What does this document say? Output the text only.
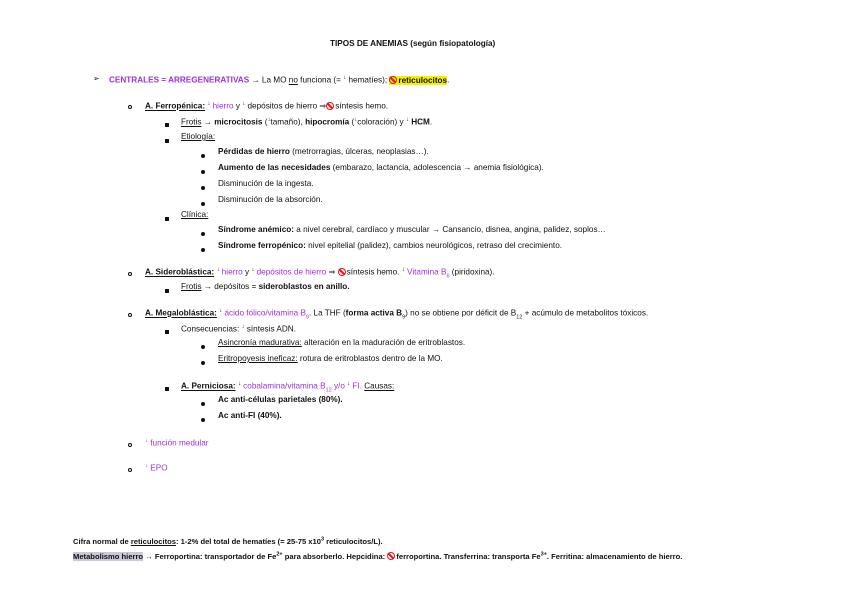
TIPOS DE ANEMIAS (según fisiopatología)
➢ CENTRALES = ARREGENERATIVAS → La MO no funciona (= ↓ hematíes); reticulocitos.
A. Ferropénica: ↓ hierro y ↓ depósitos de hierro ⇒ síntesis hemo.
Frotis → microcitosis (↓tamaño), hipocromía (↓coloración) y ↓ HCM.
Etiología:
Pérdidas de hierro (metrorragias, úlceras, neoplasias…).
Aumento de las necesidades (embarazo, lactancia, adolescencia → anemia fisiológica).
Disminución de la ingesta.
Disminución de la absorción.
Clínica:
Síndrome anémico: a nivel cerebral, cardíaco y muscular → Cansancio, disnea, angina, palidez, soplos…
Síndrome ferropénico: nivel epitelial (palidez), cambios neurológicos, retraso del crecimiento.
A. Sideroblástica: ↓ hierro y ↓ depósitos de hierro ⇒ síntesis hemo. ↓ Vitamina $B_6$ (piridoxina).
Frotis → depósitos = sideroblastos en anillo.
A. Megaloblástica: ↓ ácido fólico/vitamina $B_9$. La THF (forma activa $B_9$) no se obtiene por déficit de $B_{12}$ + acúmulo de metabolitos tóxicos.
Consecuencias: ↓ síntesis ADN.
Asincronía madurativa: alteración en la maduración de eritroblastos.
Eritropoyesis ineficaz: rotura de eritroblastos dentro de la MO.
A. Perniciosa: ↓ cobalamina/vitamina $B_{12}$ y/o ↓ FI. Causas:
Ac anti-células parietales (80%).
Ac anti-FI (40%).
↓ función medular
↓ EPO
Cifra normal de reticulocitos: 1-2% del total de hematíes (= 25-75 $x10^3$ reticulocitos/L).
Metabolismo hierro → Ferroportina: transportador de $Fe^{2+}$ para absorberlo. Hepcidina: ferroportina. Transferrina: transporta $Fe^{3+}$. Ferritina: almacenamiento de hierro.
